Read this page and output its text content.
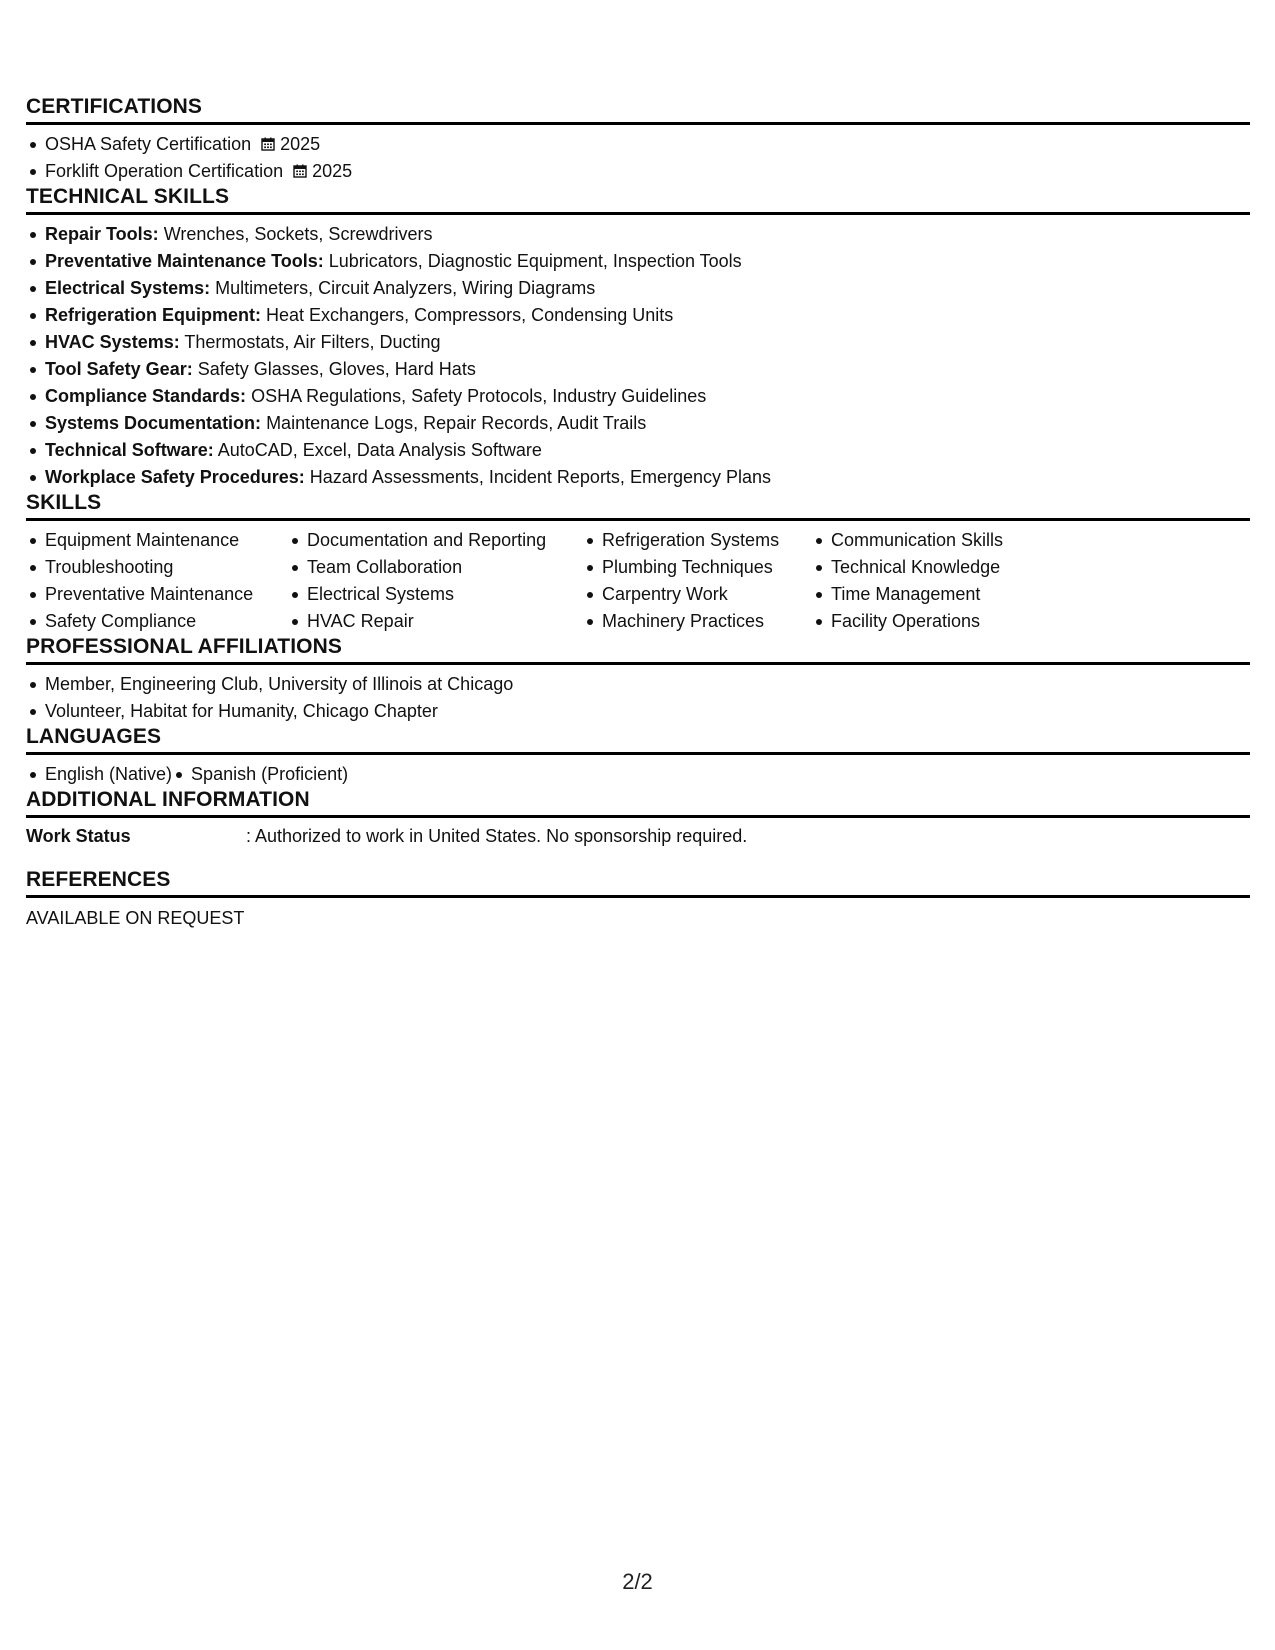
CERTIFICATIONS
OSHA Safety Certification 2025
Forklift Operation Certification 2025
TECHNICAL SKILLS
Repair Tools: Wrenches, Sockets, Screwdrivers
Preventative Maintenance Tools: Lubricators, Diagnostic Equipment, Inspection Tools
Electrical Systems: Multimeters, Circuit Analyzers, Wiring Diagrams
Refrigeration Equipment: Heat Exchangers, Compressors, Condensing Units
HVAC Systems: Thermostats, Air Filters, Ducting
Tool Safety Gear: Safety Glasses, Gloves, Hard Hats
Compliance Standards: OSHA Regulations, Safety Protocols, Industry Guidelines
Systems Documentation: Maintenance Logs, Repair Records, Audit Trails
Technical Software: AutoCAD, Excel, Data Analysis Software
Workplace Safety Procedures: Hazard Assessments, Incident Reports, Emergency Plans
SKILLS
Equipment Maintenance
Troubleshooting
Preventative Maintenance
Safety Compliance
Documentation and Reporting
Team Collaboration
Electrical Systems
HVAC Repair
Refrigeration Systems
Plumbing Techniques
Carpentry Work
Machinery Practices
Communication Skills
Technical Knowledge
Time Management
Facility Operations
PROFESSIONAL AFFILIATIONS
Member, Engineering Club, University of Illinois at Chicago
Volunteer, Habitat for Humanity, Chicago Chapter
LANGUAGES
English (Native)	Spanish (Proficient)
ADDITIONAL INFORMATION
Work Status	: Authorized to work in United States. No sponsorship required.
REFERENCES
AVAILABLE ON REQUEST
2/2
